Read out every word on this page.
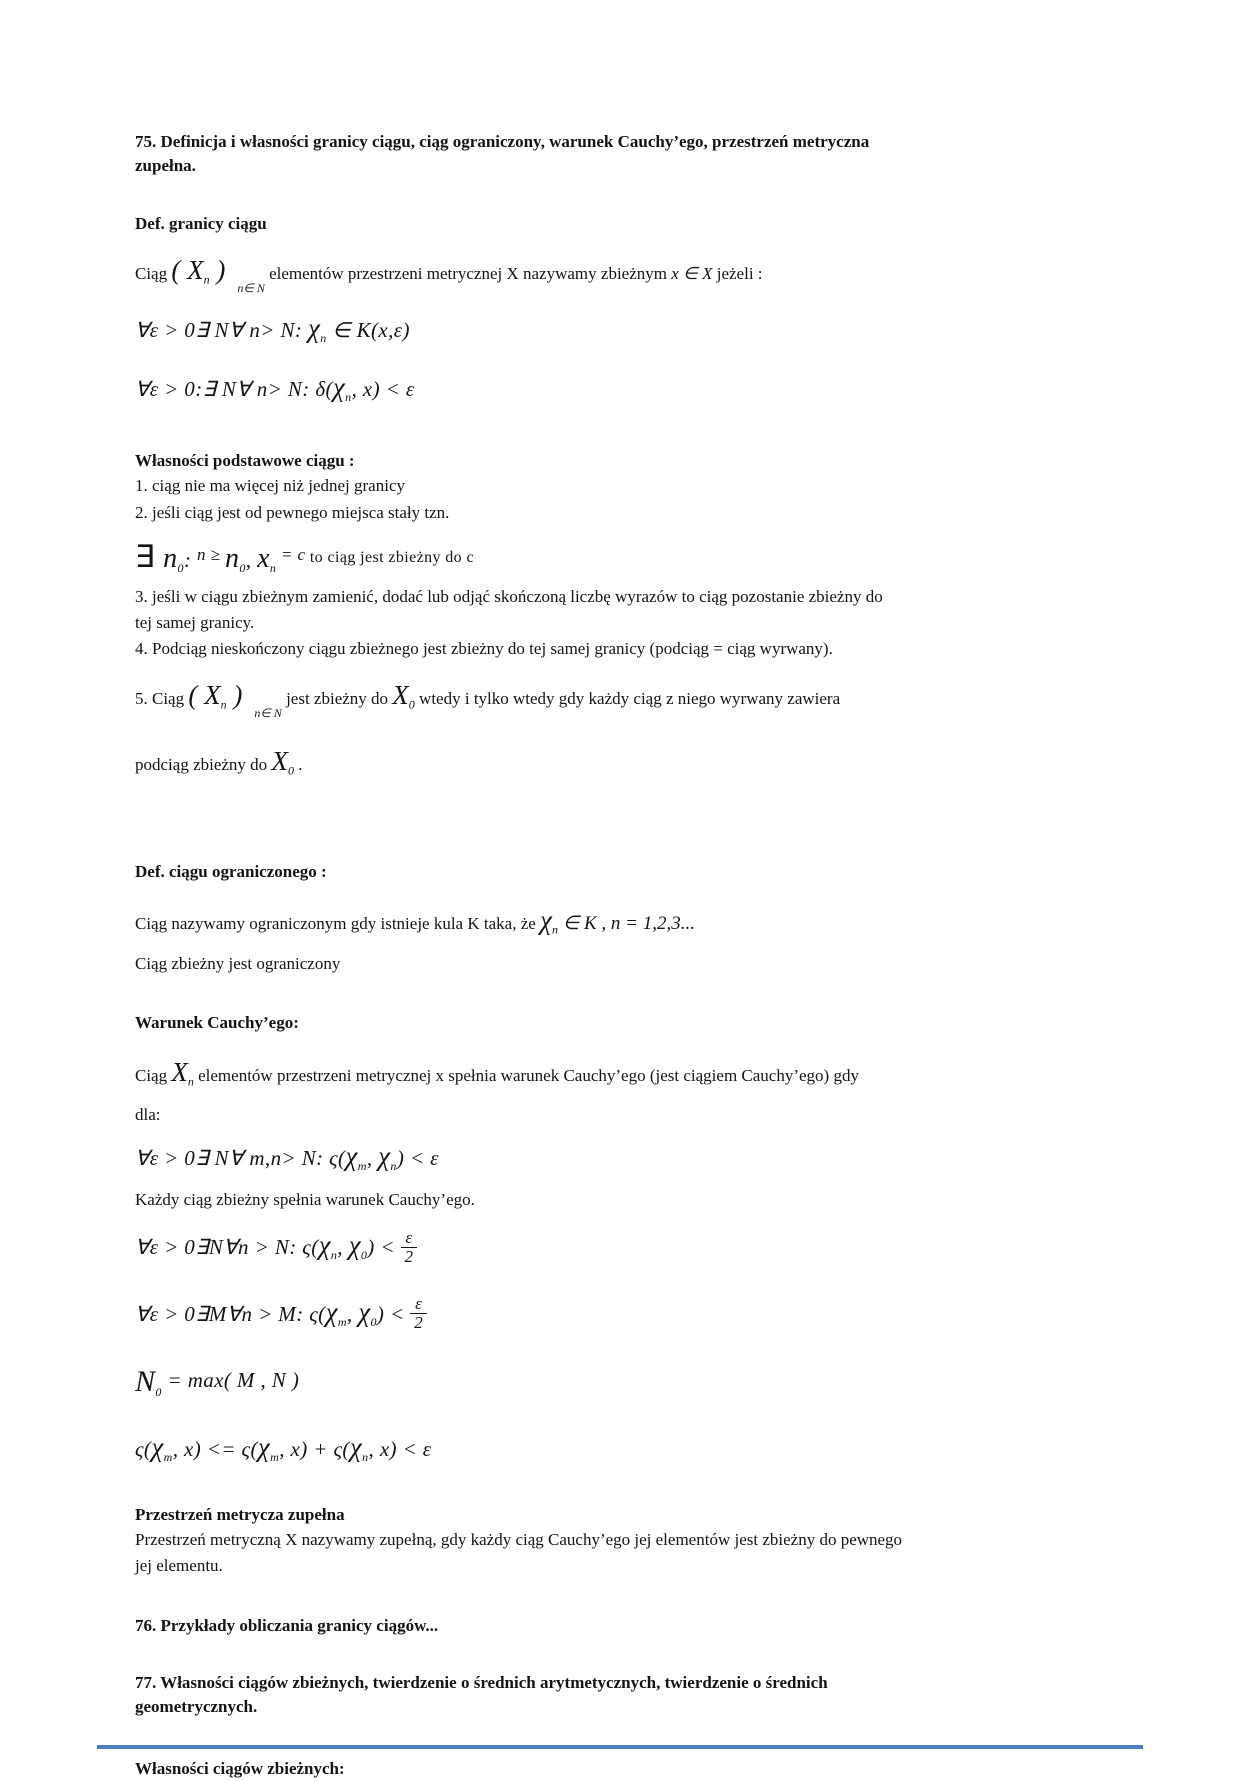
75. Definicja i własności granicy ciągu, ciąg ograniczony, warunek Cauchy’ego, przestrzeń metryczna
zupełna.

Def. granicy ciągu

Ciąg ( $X_n$ )$_{n\in N}$ elementów przestrzeni metrycznej X nazywamy zbieżnym x ∈ X jeżeli :

∀ε > 0∃ N∀ n> N: $\chi_n$ ∈ K(x,ε)

∀ε > 0:∃ N∀ n> N: $\delta(\chi_n$, x) < ε

Własności podstawowe ciągu :

1. ciąg nie ma więcej niż jednej granicy

2. jeśli ciąg jest od pewnego miejsca stały tzn.

∃ $n_0$: $^{n \ge}$ $n_0$, $x_n$ $^{= c}$ $^{to ciąg jest zbieżny do c}$

3. jeśli w ciągu zbieżnym zamienić, dodać lub odjąć skończoną liczbę wyrazów to ciąg pozostanie zbieżny do
tej samej granicy.

4. Podciąg nieskończony ciągu zbieżnego jest zbieżny do tej samej granicy (podciąg = ciąg wyrwany).

5. Ciąg ( $X_n$ )$_{n\in N}$ jest zbieżny do $X_0$ wtedy i tylko wtedy gdy każdy ciąg z niego wyrwany zawiera

podciąg zbieżny do $X_0$ .

Def. ciągu ograniczonego :

Ciąg nazywamy ograniczonym gdy istnieje kula K taka, że $\chi_n$ ∈ K , n = 1,2,3...

Ciąg zbieżny jest ograniczony

Warunek Cauchy’ego:

Ciąg $X_n$ elementów przestrzeni metrycznej x spełnia warunek Cauchy’ego (jest ciągiem Cauchy’ego) gdy

dla:

∀ε > 0∃ N∀ m,n> N: $\varsigma(\chi_m$, $\chi_n) < \varepsilon$

Każdy ciąg zbieżny spełnia warunek Cauchy’ego.

∀ε > 0∃N∀n > N: $\varsigma(\chi_n$, $\chi_0) < \frac{\varepsilon}{2}$

∀ε > 0∃M∀n > M: $\varsigma(\chi_m$, $\chi_0) < \frac{\varepsilon}{2}$

$N_0 = \max$( M , N )

$\varsigma(\chi_m$, $x) <= \varsigma(\chi_m$, $x) + \varsigma(\chi_n$, x) < ε

Przestrzeń metrycza zupełna

Przestrzeń metryczną X nazywamy zupełną, gdy każdy ciąg Cauchy’ego jej elementów jest zbieżny do pewnego
jej elementu.

76. Przykłady obliczania granicy ciągów...

77. Własności ciągów zbieżnych, twierdzenie o średnich arytmetycznych, twierdzenie o średnich
geometrycznych.

Własności ciągów zbieżnych:
